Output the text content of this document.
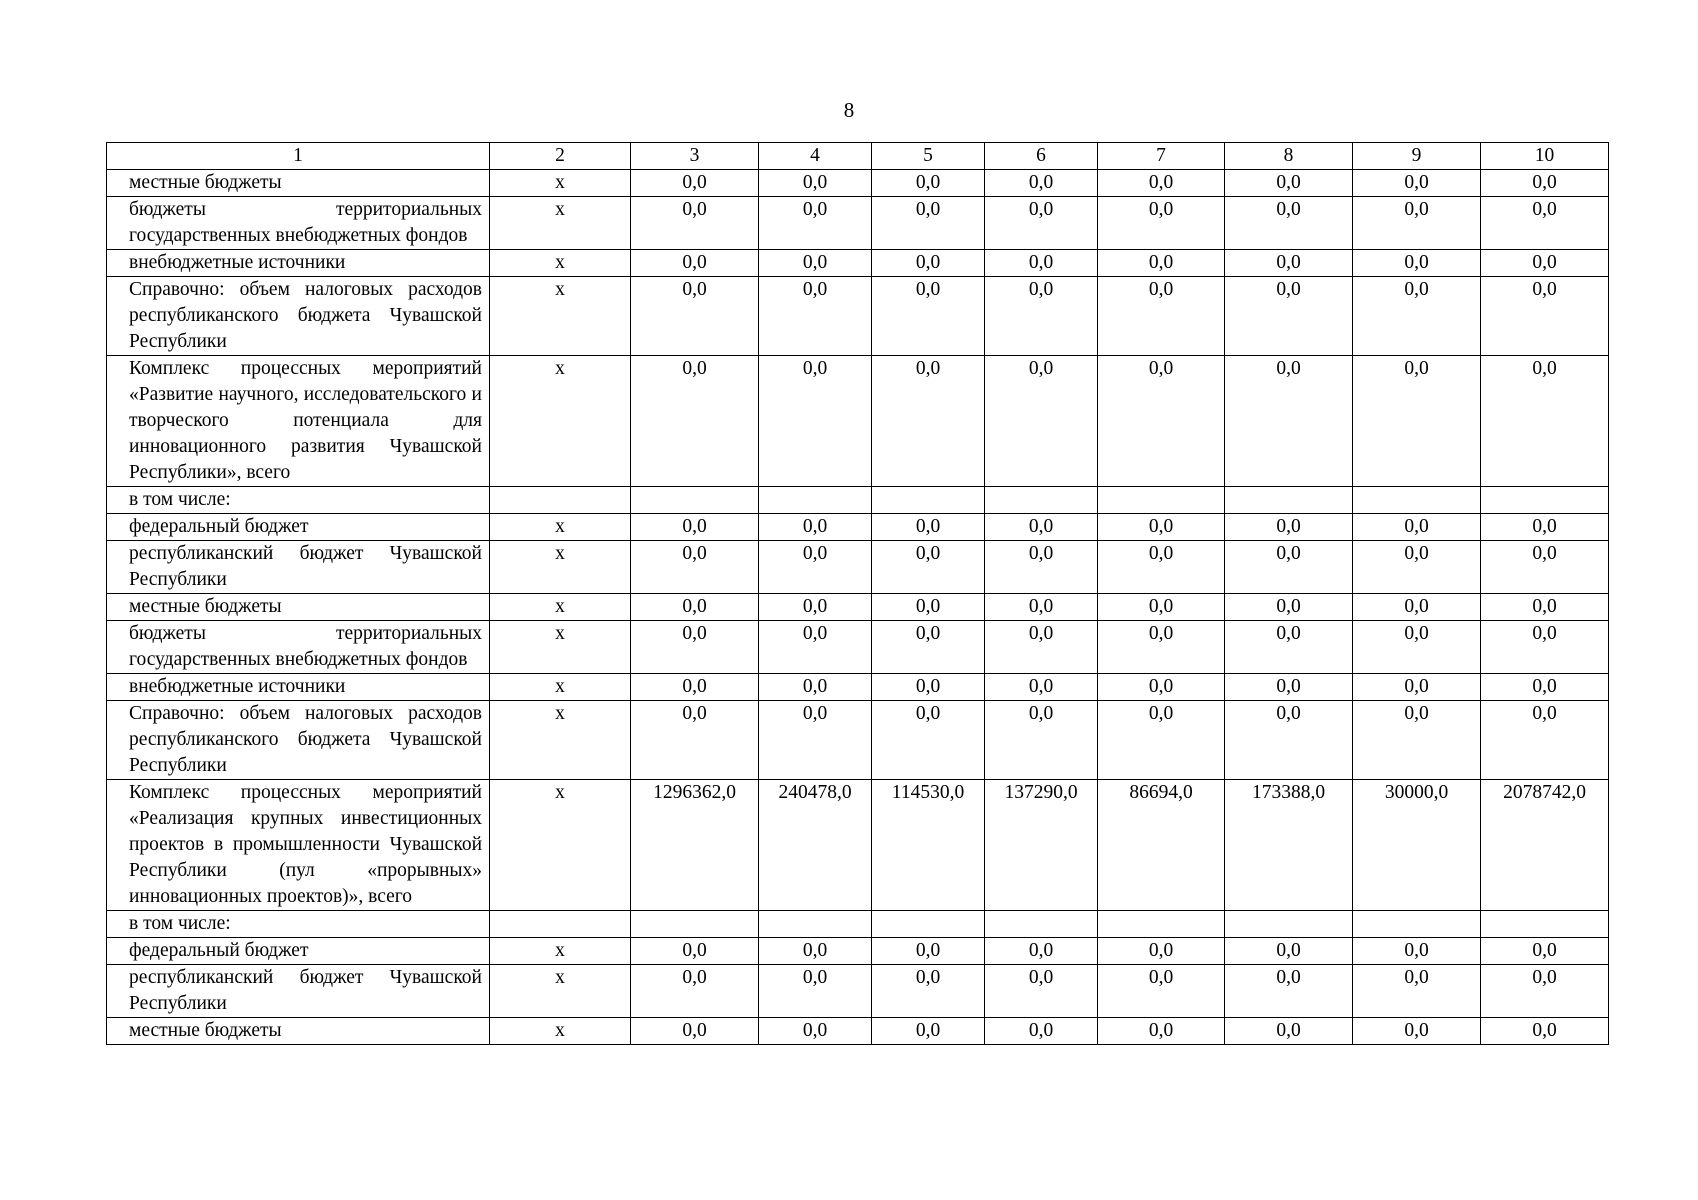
8
1	2	3	4	5	6	7	8	9	10
местные бюджеты	х	0,0	0,0	0,0	0,0	0,0	0,0	0,0	0,0
бюджеты территориальных государственных внебюджетных фондов	х	0,0	0,0	0,0	0,0	0,0	0,0	0,0	0,0
внебюджетные источники	х	0,0	0,0	0,0	0,0	0,0	0,0	0,0	0,0
Справочно: объем налоговых расходов республиканского бюджета Чувашской Республики	х	0,0	0,0	0,0	0,0	0,0	0,0	0,0	0,0
Комплекс процессных мероприятий «Развитие научного, исследовательского и творческого потенциала для инновационного развития Чувашской Республики», всего	х	0,0	0,0	0,0	0,0	0,0	0,0	0,0	0,0
в том числе:									
федеральный бюджет	х	0,0	0,0	0,0	0,0	0,0	0,0	0,0	0,0
республиканский бюджет Чувашской Республики	х	0,0	0,0	0,0	0,0	0,0	0,0	0,0	0,0
местные бюджеты	х	0,0	0,0	0,0	0,0	0,0	0,0	0,0	0,0
бюджеты территориальных государственных внебюджетных фондов	х	0,0	0,0	0,0	0,0	0,0	0,0	0,0	0,0
внебюджетные источники	х	0,0	0,0	0,0	0,0	0,0	0,0	0,0	0,0
Справочно: объем налоговых расходов республиканского бюджета Чувашской Республики	х	0,0	0,0	0,0	0,0	0,0	0,0	0,0	0,0
Комплекс процессных мероприятий «Реализация крупных инвестиционных проектов в промышленности Чувашской Республики (пул «прорывных» инновационных проектов)», всего	х	1296362,0	240478,0	114530,0	137290,0	86694,0	173388,0	30000,0	2078742,0
в том числе:									
федеральный бюджет	х	0,0	0,0	0,0	0,0	0,0	0,0	0,0	0,0
республиканский бюджет Чувашской Республики	х	0,0	0,0	0,0	0,0	0,0	0,0	0,0	0,0
местные бюджеты	х	0,0	0,0	0,0	0,0	0,0	0,0	0,0	0,0
